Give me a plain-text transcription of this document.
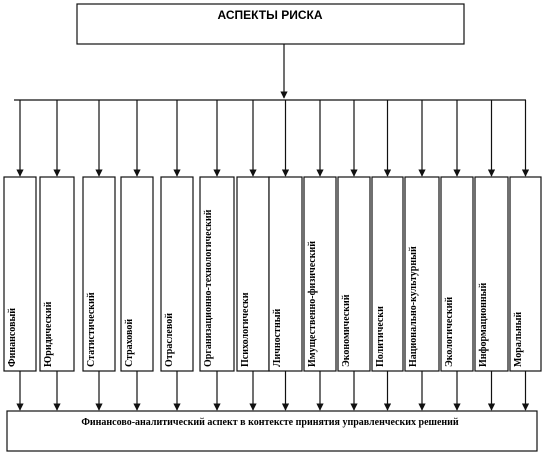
АСПЕКТЫ РИСКА
Финансовый	Юридический	Статистический	Страховой	Отраслевой	Организационно-технологический	Психологически Личностный Имущественно-физический Экономический Политически Национально-культурный	Экологический Информационный Моральный
Финансово-аналитический аспект в контексте принятия управленческих решений
